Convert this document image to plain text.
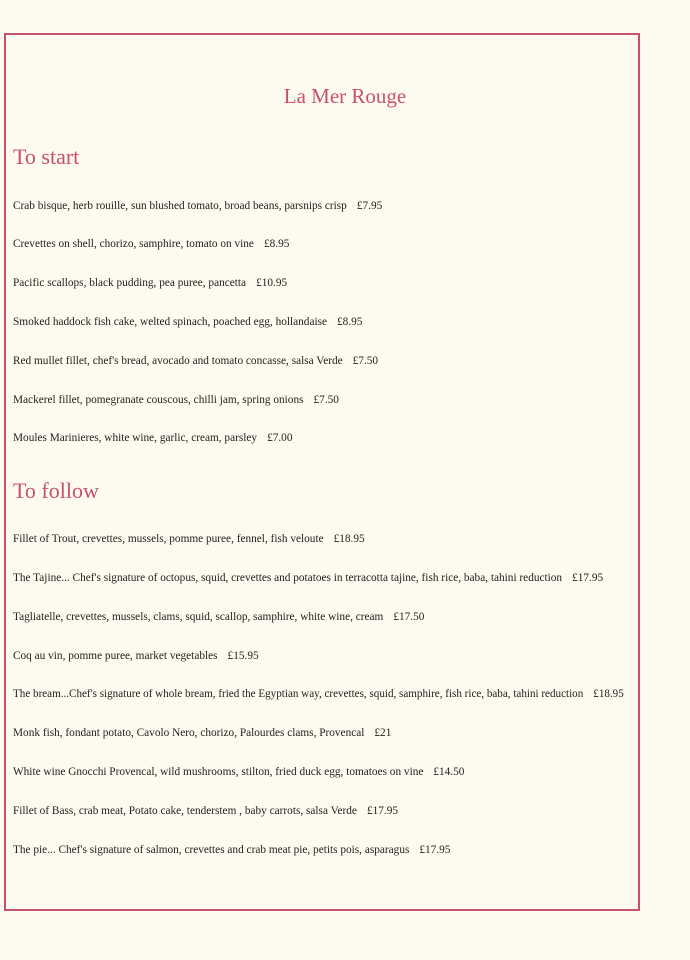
La Mer Rouge
To start
Crab bisque, herb rouille, sun blushed tomato, broad beans, parsnips crisp £7.95
Crevettes on shell, chorizo, samphire, tomato on vine £8.95
Pacific scallops, black pudding, pea puree, pancetta £10.95
Smoked haddock fish cake, welted spinach, poached egg, hollandaise £8.95
Red mullet fillet, chef's bread, avocado and tomato concasse, salsa Verde £7.50
Mackerel fillet, pomegranate couscous, chilli jam, spring onions £7.50
Moules Marinieres, white wine, garlic, cream, parsley £7.00
To follow
Fillet of Trout, crevettes, mussels, pomme puree, fennel, fish veloute £18.95
The Tajine... Chef's signature of octopus, squid, crevettes and potatoes in terracotta tajine, fish rice, baba, tahini reduction £17.95
Tagliatelle, crevettes, mussels, clams, squid, scallop, samphire, white wine, cream £17.50
Coq au vin, pomme puree, market vegetables £15.95
The bream...Chef's signature of whole bream, fried the Egyptian way, crevettes, squid, samphire, fish rice, baba, tahini reduction £18.95
Monk fish, fondant potato, Cavolo Nero, chorizo, Palourdes clams, Provencal £21
White wine Gnocchi Provencal, wild mushrooms, stilton, fried duck egg, tomatoes on vine £14.50
Fillet of Bass, crab meat, Potato cake, tenderstem , baby carrots, salsa Verde £17.95
The pie... Chef's signature of salmon, crevettes and crab meat pie, petits pois, asparagus £17.95
